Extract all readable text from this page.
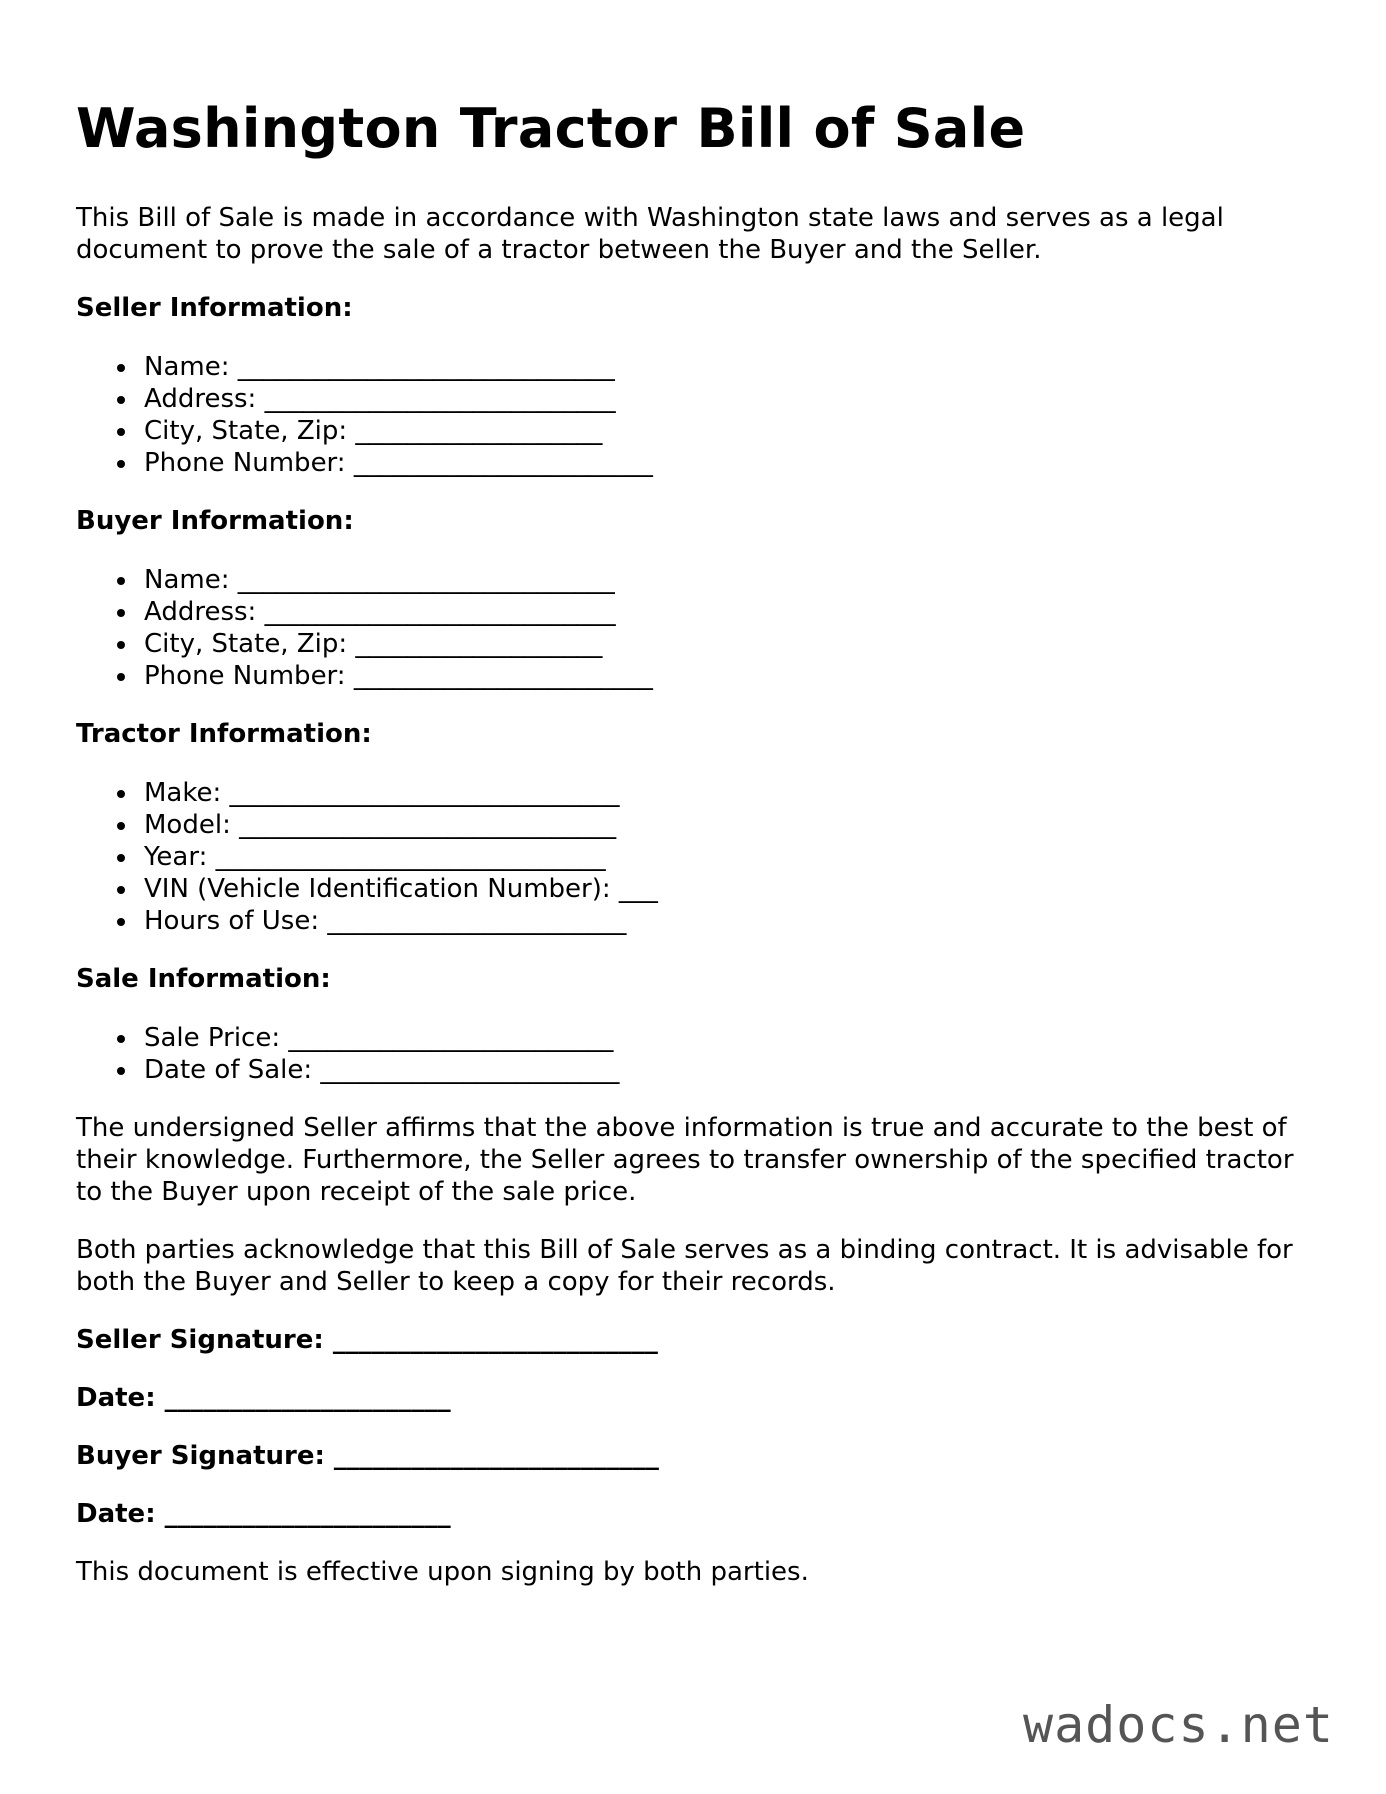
Washington Tractor Bill of Sale

This Bill of Sale is made in accordance with Washington state laws and serves as a legal document to prove the sale of a tractor between the Buyer and the Seller.

Seller Information:
Name: _____________________________
Address: ___________________________
City, State, Zip: ___________________
Phone Number: _______________________
Buyer Information:
Name: _____________________________
Address: ___________________________
City, State, Zip: ___________________
Phone Number: _______________________
Tractor Information:
Make: ______________________________
Model: _____________________________
Year: ______________________________
VIN (Vehicle Identification Number): ___
Hours of Use: _______________________
Sale Information:
Sale Price: _________________________
Date of Sale: _______________________

The undersigned Seller affirms that the above information is true and accurate to the best of their knowledge. Furthermore, the Seller agrees to transfer ownership of the specified tractor to the Buyer upon receipt of the sale price.

Both parties acknowledge that this Bill of Sale serves as a binding contract. It is advisable for both the Buyer and Seller to keep a copy for their records.

Seller Signature: _________________________
Date: ______________________
Buyer Signature: _________________________
Date: ______________________

This document is effective upon signing by both parties.

wadocs.net
